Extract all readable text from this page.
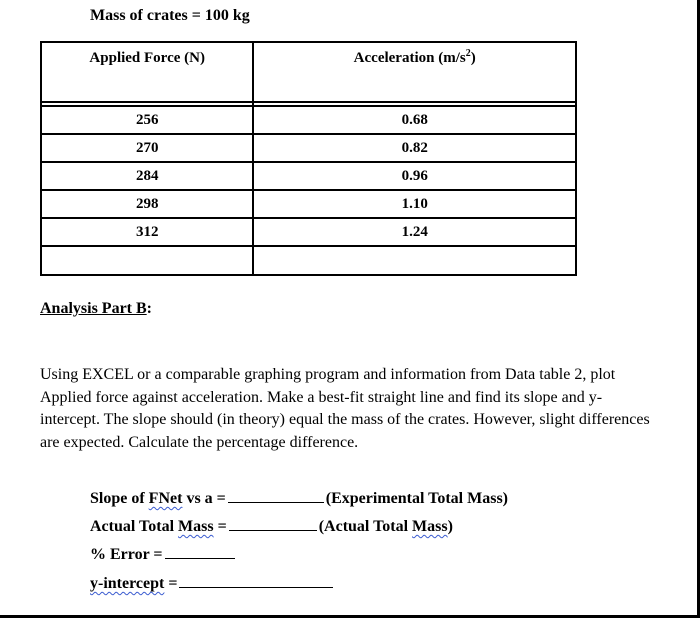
Mass of crates = 100 kg
Applied Force (N)	Acceleration $(m/s^2)$

256	0.68
270	0.82
284	0.96
298	1.10
312	1.24

Analysis Part B:
Using EXCEL or a comparable graphing program and information from Data table 2, plot Applied force against acceleration. Make a best-fit straight line and find its slope and y-intercept. The slope should (in theory) equal the mass of the crates. However, slight differences are expected. Calculate the percentage difference.
Slope of FNet vs a =	(Experimental Total Mass)
Actual Total Mass =	(Actual Total Mass)
% Error =
y-intercept =
